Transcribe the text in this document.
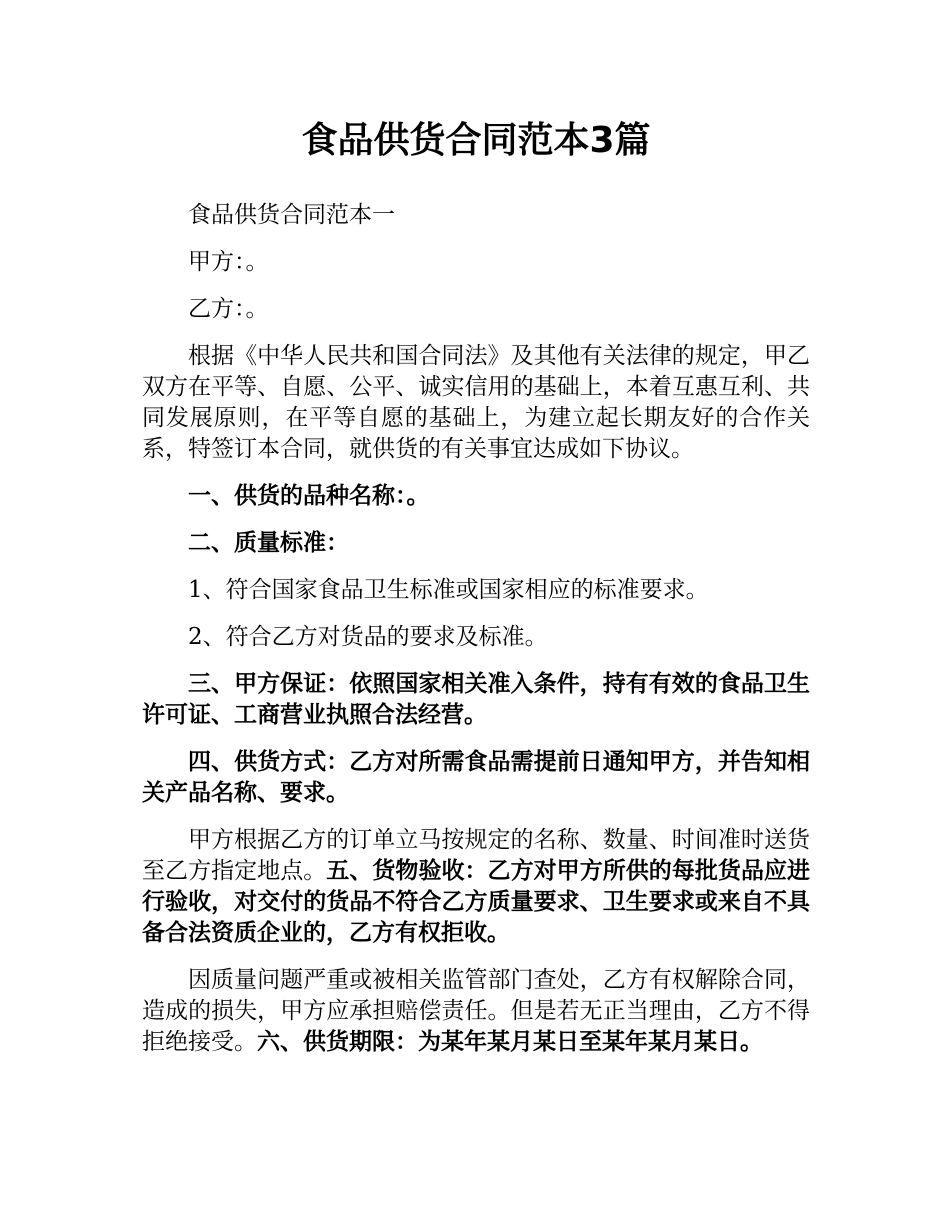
食品供货合同范本3篇

食品供货合同范本一

甲方：。

乙方：。

根据《中华人民共和国合同法》及其他有关法律的规定，甲乙双方在平等、自愿、公平、诚实信用的基础上，本着互惠互利、共同发展原则，在平等自愿的基础上，为建立起长期友好的合作关系，特签订本合同，就供货的有关事宜达成如下协议。

一、供货的品种名称：。

二、质量标准：

1、符合国家食品卫生标准或国家相应的标准要求。

2、符合乙方对货品的要求及标准。

三、甲方保证：依照国家相关准入条件，持有有效的食品卫生许可证、工商营业执照合法经营。

四、供货方式：乙方对所需食品需提前日通知甲方，并告知相关产品名称、要求。

甲方根据乙方的订单立马按规定的名称、数量、时间准时送货至乙方指定地点。五、货物验收：乙方对甲方所供的每批货品应进行验收，对交付的货品不符合乙方质量要求、卫生要求或来自不具备合法资质企业的，乙方有权拒收。

因质量问题严重或被相关监管部门查处，乙方有权解除合同，造成的损失，甲方应承担赔偿责任。但是若无正当理由，乙方不得拒绝接受。六、供货期限：为某年某月某日至某年某月某日。
